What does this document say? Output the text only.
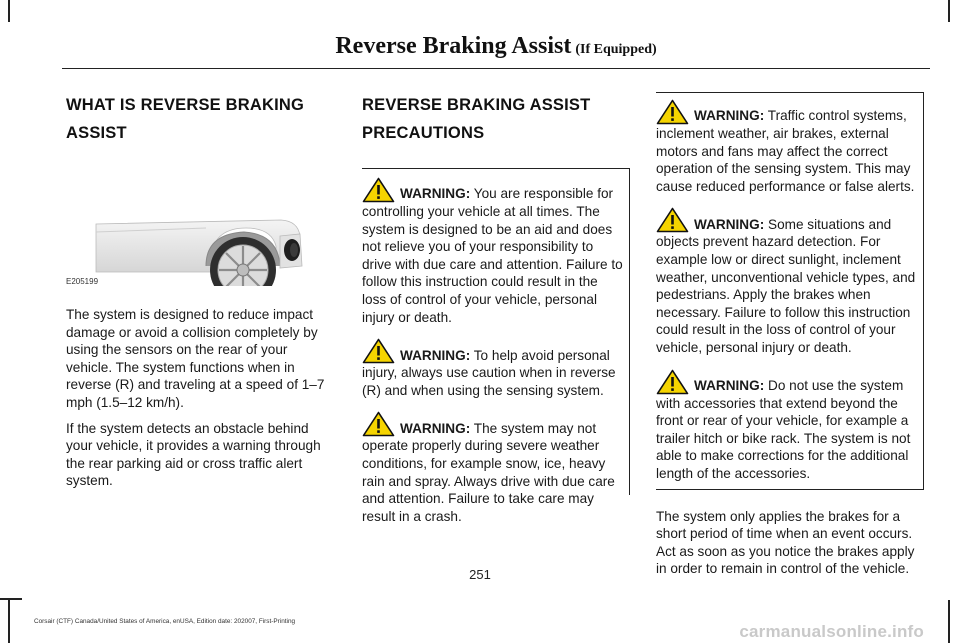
Reverse Braking Assist (If Equipped)
WHAT IS REVERSE BRAKING
ASSIST
E205199

The system is designed to reduce impact damage or avoid a collision completely by using the sensors on the rear of your vehicle. The system functions when in reverse (R) and traveling at a speed of 1–7 mph (1.5–12 km/h).

If the system detects an obstacle behind your vehicle, it provides a warning through the rear parking aid or cross traffic alert system.

REVERSE BRAKING ASSIST
PRECAUTIONS

WARNING: You are responsible for

controlling your vehicle at all times. The system is designed to be an aid and does not relieve you of your responsibility to drive with due care and attention. Failure to follow this instruction could result in the loss of control of your vehicle, personal injury or death.

WARNING: To help avoid personal

injury, always use caution when in reverse (R) and when using the sensing system.

WARNING: The system may not

operate properly during severe weather conditions, for example snow, ice, heavy rain and spray. Always drive with due care and attention. Failure to take care may result in a crash.

WARNING: Traffic control systems,

inclement weather, air brakes, external motors and fans may affect the correct operation of the sensing system. This may cause reduced performance or false alerts.

WARNING: Some situations and

objects prevent hazard detection. For example low or direct sunlight, inclement weather, unconventional vehicle types, and pedestrians. Apply the brakes when necessary. Failure to follow this instruction could result in the loss of control of your vehicle, personal injury or death.

WARNING: Do not use the system

with accessories that extend beyond the front or rear of your vehicle, for example a trailer hitch or bike rack. The system is not able to make corrections for the additional length of the accessories.

The system only applies the brakes for a short period of time when an event occurs. Act as soon as you notice the brakes apply in order to remain in control of the vehicle.

251
Corsair (CTF) Canada/United States of America, enUSA, Edition date: 202007, First-Printing
carmanualsonline.info
